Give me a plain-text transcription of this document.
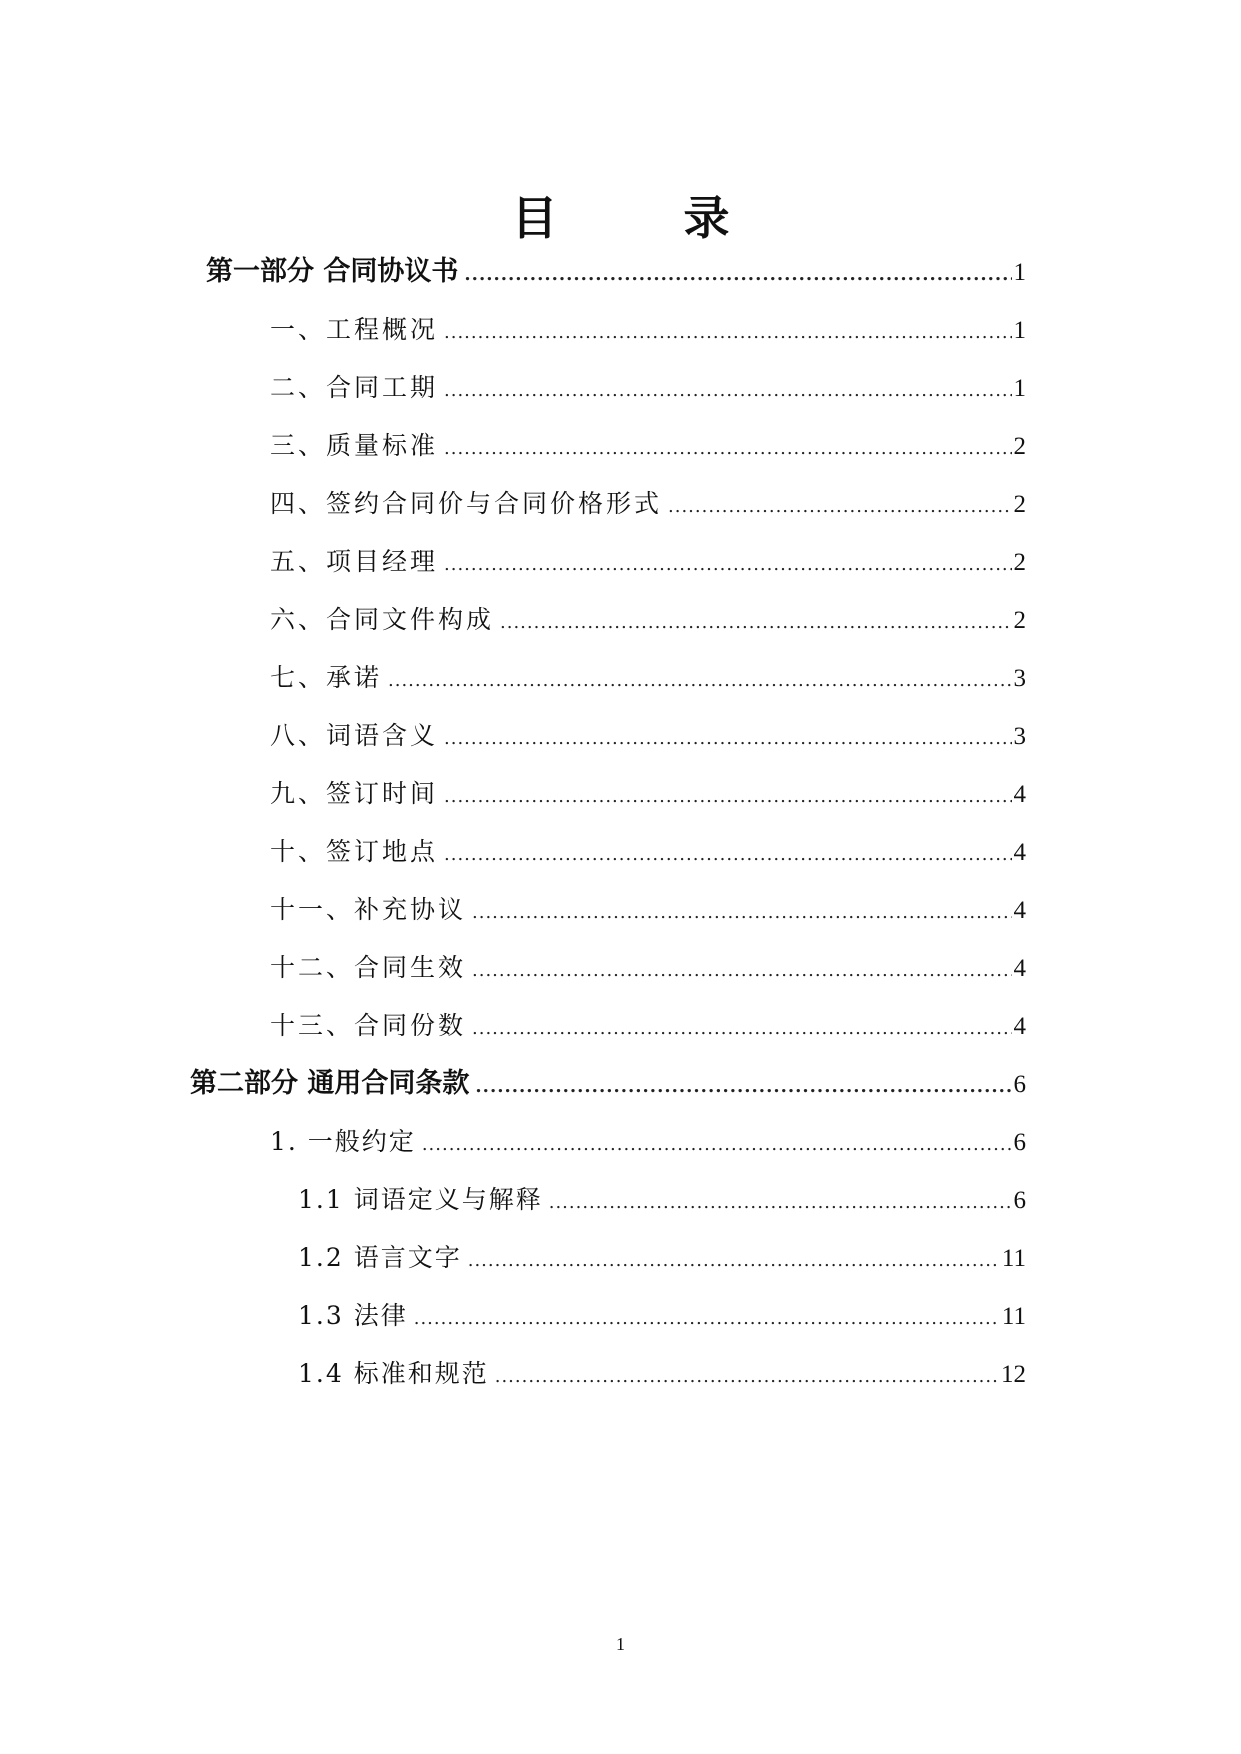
目　录
第一部分 合同协议书 .....	1
一、工程概况 .....	1
二、合同工期 .....	1
三、质量标准 .....	2
四、签约合同价与合同价格形式 .....	2
五、项目经理 .....	2
六、合同文件构成 .....	2
七、承诺 .....	3
八、词语含义 .....	3
九、签订时间 .....	4
十、签订地点 .....	4
十一、补充协议 .....	4
十二、合同生效 .....	4
十三、合同份数 .....	4
第二部分 通用合同条款 .....	6
1. 一般约定 .....	6
1.1 词语定义与解释 .....	6
1.2 语言文字 .....	11
1.3 法律 .....	11
1.4 标准和规范 .....	12
1
